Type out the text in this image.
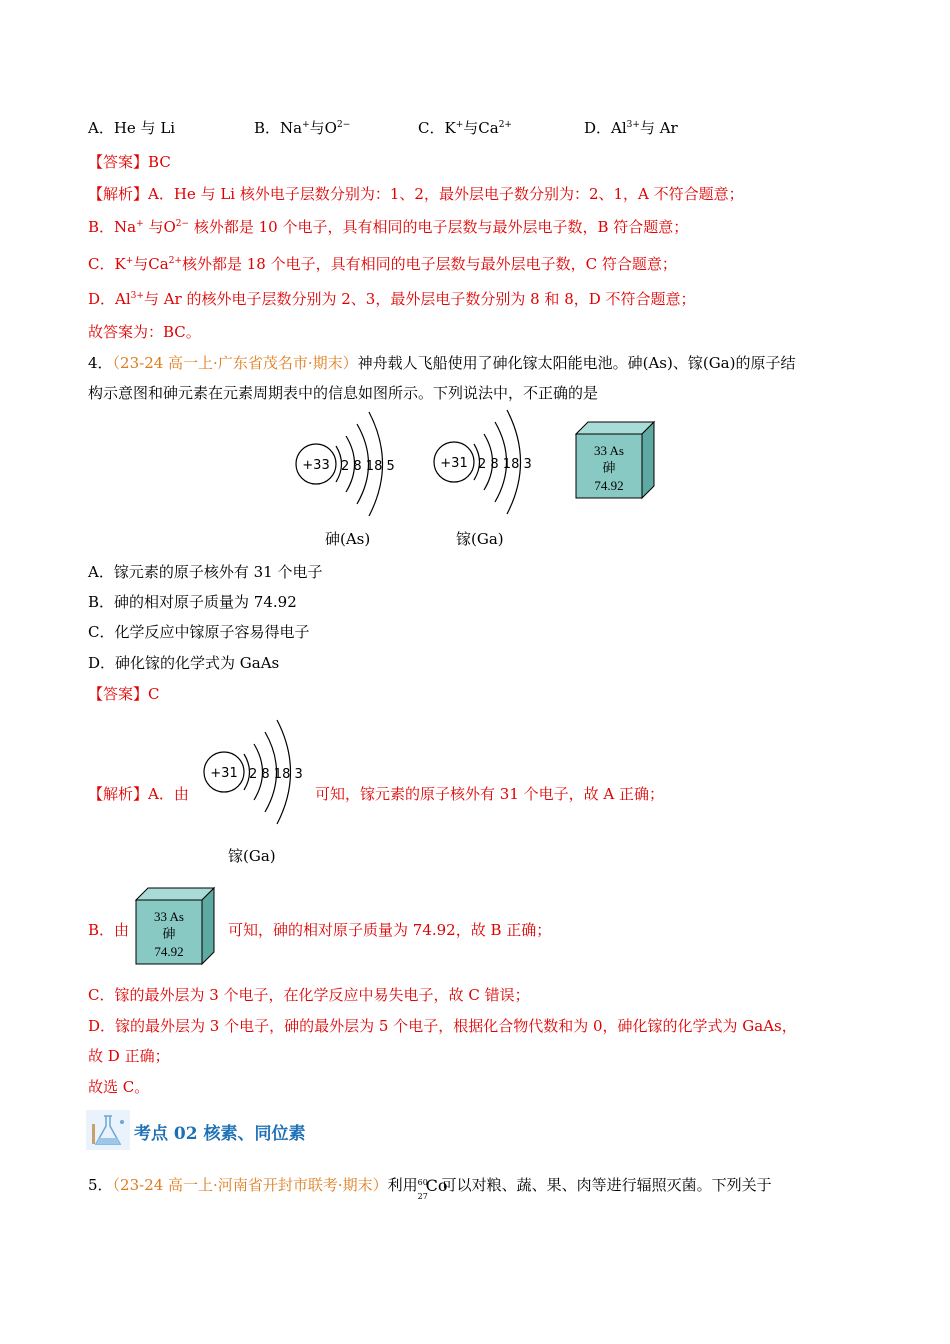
A．He 与 Li	B．Na+与$O^{2-}$	C．K+与$Ca^{2+}$	D．$Al^{3+}$与 Ar
【答案】BC
【解析】A．He 与 Li 核外电子层数分别为：1、2，最外层电子数分别为：2、1，A 不符合题意；
B．Na+ 与$O^{2-}$ 核外都是 10 个电子，具有相同的电子层数与最外层电子数，B 符合题意；
C．K+与$Ca^{2+}$核外都是 18 个电子，具有相同的电子层数与最外层电子数，C 符合题意；
D．$Al^{3+}$与 Ar 的核外电子层数分别为 2、3，最外层电子数分别为 8 和 8，D 不符合题意；
故答案为：BC。
4．（23-24 高一上·广东省茂名市·期末）神舟载人飞船使用了砷化镓太阳能电池。砷(As)、镓(Ga)的原子结
构示意图和砷元素在元素周期表中的信息如图所示。下列说法中，不正确的是
+33 2 8 18 5
砷(As)
+31 2 8 18 3
镓(Ga)
33 As
砷
74.92
A．镓元素的原子核外有 31 个电子
B．砷的相对原子质量为 74.92
C．化学反应中镓原子容易得电子
D．砷化镓的化学式为 GaAs
【答案】C
【解析】A．由
+31 2 8 18 3
可知，镓元素的原子核外有 31 个电子，故 A 正确；
镓(Ga)
B．由
33 As
砷
74.92
可知，砷的相对原子质量为 74.92，故 B 正确；
C．镓的最外层为 3 个电子，在化学反应中易失电子，故 C 错误；
D．镓的最外层为 3 个电子，砷的最外层为 5 个电子，根据化合物代数和为 0，砷化镓的化学式为 GaAs，
故 D 正确；
故选 C。
考点 02 核素、同位素
5．（23-24 高一上·河南省开封市联考·期末）利用 60
27
Co
可以对粮、蔬、果、肉等进行辐照灭菌。下列关于
